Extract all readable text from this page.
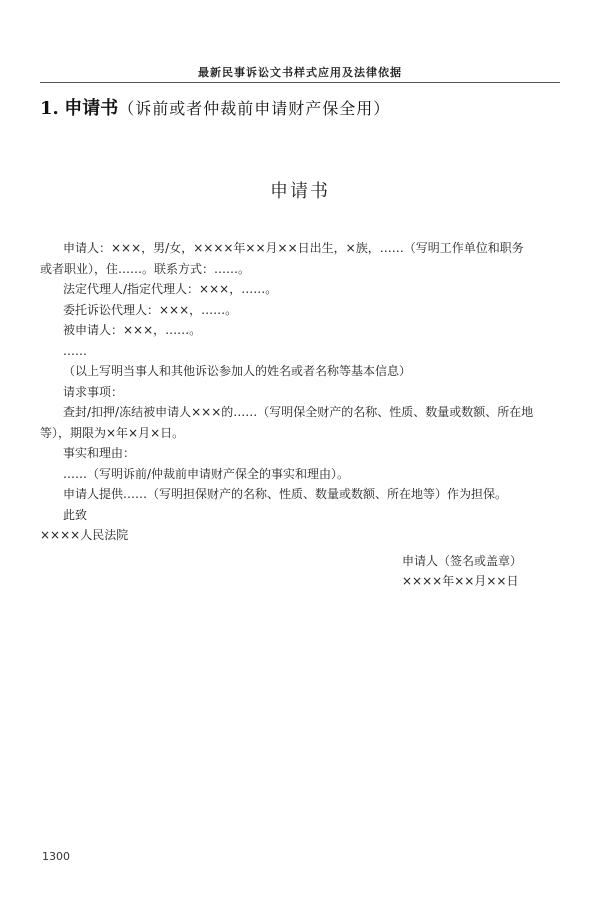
最新民事诉讼文书样式应用及法律依据
1. 申请书（诉前或者仲裁前申请财产保全用）
申请书
申请人：×××，男/女，××××年××月××日出生，×族，……（写明工作单位和职务
或者职业），住……。联系方式：……。
法定代理人/指定代理人：×××，……。
委托诉讼代理人：×××，……。
被申请人：×××，……。
……
（以上写明当事人和其他诉讼参加人的姓名或者名称等基本信息）
请求事项：
查封/扣押/冻结被申请人×××的……（写明保全财产的名称、性质、数量或数额、所在地
等），期限为×年×月×日。
事实和理由：
……（写明诉前/仲裁前申请财产保全的事实和理由）。
申请人提供……（写明担保财产的名称、性质、数量或数额、所在地等）作为担保。
此致
××××人民法院
申请人（签名或盖章）
××××年××月××日
1300
